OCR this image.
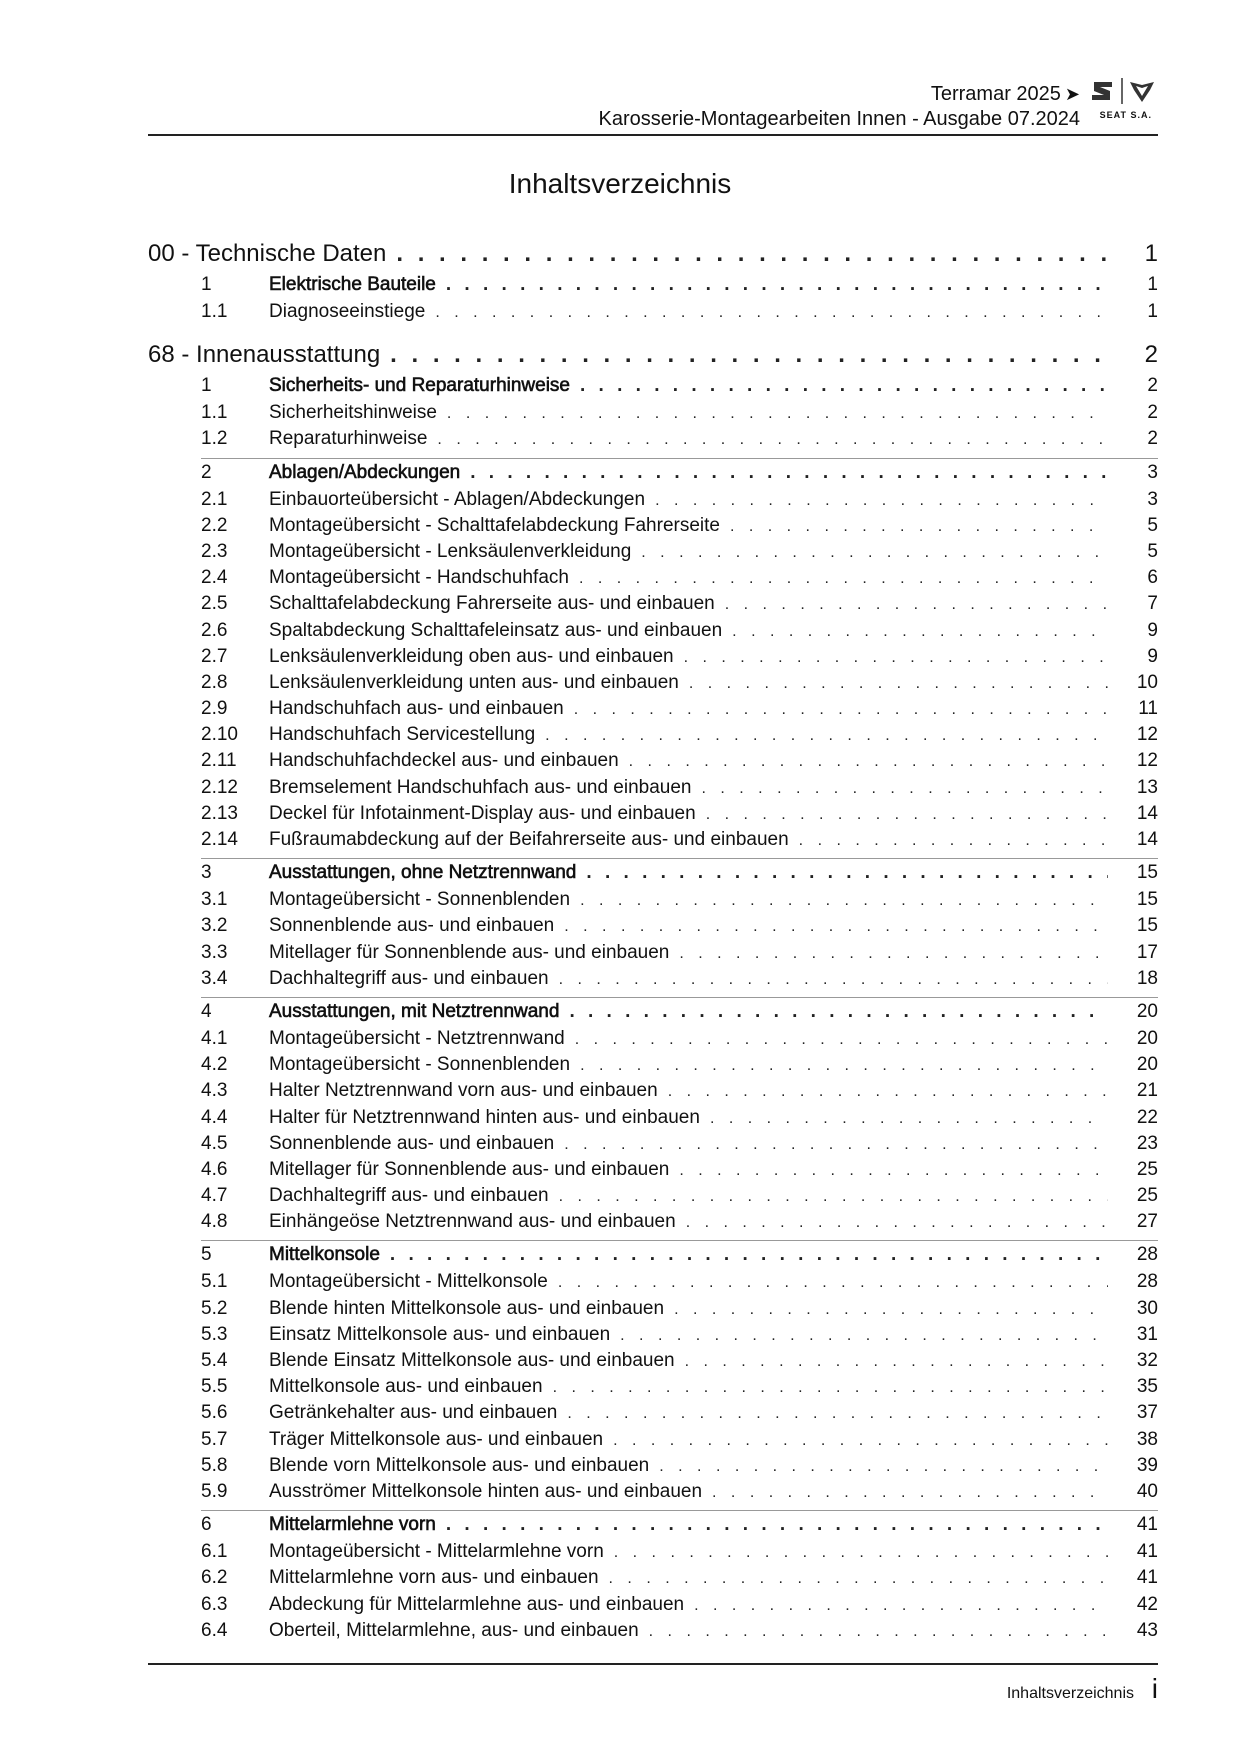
Terramar 2025 ➤
Karosserie-Montagearbeiten Innen - Ausgabe 07.2024 SEAT S.A.
Inhaltsverzeichnis
00 - Technische Daten . . .	1
1	Elektrische Bauteile . . .	1
1.1	Diagnoseeinstiege . . .	1
68 - Innenausstattung . . .	2
1	Sicherheits- und Reparaturhinweise . . .	2
1.1	Sicherheitshinweise . . .	2
1.2	Reparaturhinweise . . .	2
2	Ablagen/Abdeckungen . . .	3
2.1	Einbauorteübersicht - Ablagen/Abdeckungen . . .	3
2.2	Montageübersicht - Schalttafelabdeckung Fahrerseite . . .	5
2.3	Montageübersicht - Lenksäulenverkleidung . . .	5
2.4	Montageübersicht - Handschuhfach . . .	6
2.5	Schalttafelabdeckung Fahrerseite aus- und einbauen . . .	7
2.6	Spaltabdeckung Schalttafeleinsatz aus- und einbauen . . .	9
2.7	Lenksäulenverkleidung oben aus- und einbauen . . .	9
2.8	Lenksäulenverkleidung unten aus- und einbauen . . .	10
2.9	Handschuhfach aus- und einbauen . . .	11
2.10	Handschuhfach Servicestellung . . .	12
2.11	Handschuhfachdeckel aus- und einbauen . . .	12
2.12	Bremselement Handschuhfach aus- und einbauen . . .	13
2.13	Deckel für Infotainment-Display aus- und einbauen . . .	14
2.14	Fußraumabdeckung auf der Beifahrerseite aus- und einbauen . . .	14
3	Ausstattungen, ohne Netztrennwand . . .	15
3.1	Montageübersicht - Sonnenblenden . . .	15
3.2	Sonnenblende aus- und einbauen . . .	15
3.3	Mitellager für Sonnenblende aus- und einbauen . . .	17
3.4	Dachhaltegriff aus- und einbauen . . .	18
4	Ausstattungen, mit Netztrennwand . . .	20
4.1	Montageübersicht - Netztrennwand . . .	20
4.2	Montageübersicht - Sonnenblenden . . .	20
4.3	Halter Netztrennwand vorn aus- und einbauen . . .	21
4.4	Halter für Netztrennwand hinten aus- und einbauen . . .	22
4.5	Sonnenblende aus- und einbauen . . .	23
4.6	Mitellager für Sonnenblende aus- und einbauen . . .	25
4.7	Dachhaltegriff aus- und einbauen . . .	25
4.8	Einhängeöse Netztrennwand aus- und einbauen . . .	27
5	Mittelkonsole . . .	28
5.1	Montageübersicht - Mittelkonsole . . .	28
5.2	Blende hinten Mittelkonsole aus- und einbauen . . .	30
5.3	Einsatz Mittelkonsole aus- und einbauen . . .	31
5.4	Blende Einsatz Mittelkonsole aus- und einbauen . . .	32
5.5	Mittelkonsole aus- und einbauen . . .	35
5.6	Getränkehalter aus- und einbauen . . .	37
5.7	Träger Mittelkonsole aus- und einbauen . . .	38
5.8	Blende vorn Mittelkonsole aus- und einbauen . . .	39
5.9	Ausströmer Mittelkonsole hinten aus- und einbauen . . .	40
6	Mittelarmlehne vorn . . .	41
6.1	Montageübersicht - Mittelarmlehne vorn . . .	41
6.2	Mittelarmlehne vorn aus- und einbauen . . .	41
6.3	Abdeckung für Mittelarmlehne aus- und einbauen . . .	42
6.4	Oberteil, Mittelarmlehne, aus- und einbauen . . .	43
Inhaltsverzeichnis i
